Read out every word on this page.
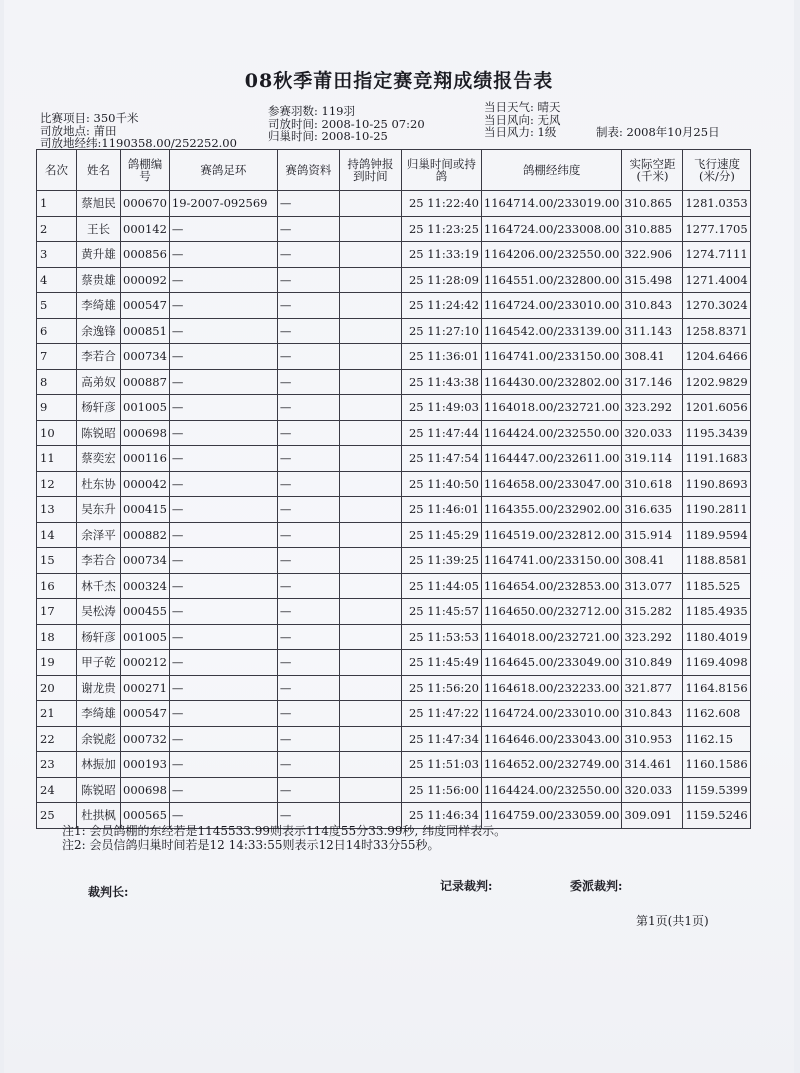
08秋季莆田指定赛竞翔成绩报告表
比赛项目: 350千米
司放地点: 莆田
司放地经纬:1190358.00/252252.00
参赛羽数: 119羽
司放时间: 2008-10-25 07:20
归巢时间: 2008-10-25
当日天气: 晴天
当日风向: 无风
当日风力: 1级	制表: 2008年10月25日
名次	姓名	鸽棚编号	赛鸽足环	赛鸽资料	持鸽钟报到时间	归巢时间或持鸽	鸽棚经纬度	实际空距(千米)	飞行速度(米/分)
1	蔡旭民	000670	19-2007-092569	—		25 11:22:40	1164714.00/233019.00	310.865	1281.0353
2	王长	000142	—	—		25 11:23:25	1164724.00/233008.00	310.885	1277.1705
3	黄升雄	000856	—	—		25 11:33:19	1164206.00/232550.00	322.906	1274.7111
4	蔡贵雄	000092	—	—		25 11:28:09	1164551.00/232800.00	315.498	1271.4004
5	李绮雄	000547	—	—		25 11:24:42	1164724.00/233010.00	310.843	1270.3024
6	余逸锋	000851	—	—		25 11:27:10	1164542.00/233139.00	311.143	1258.8371
7	李若合	000734	—	—		25 11:36:01	1164741.00/233150.00	308.41	1204.6466
8	高弟奴	000887	—	—		25 11:43:38	1164430.00/232802.00	317.146	1202.9829
9	杨轩彦	001005	—	—		25 11:49:03	1164018.00/232721.00	323.292	1201.6056
10	陈锐昭	000698	—	—		25 11:47:44	1164424.00/232550.00	320.033	1195.3439
11	蔡奕宏	000116	—	—		25 11:47:54	1164447.00/232611.00	319.114	1191.1683
12	杜东协	000042	—	—		25 11:40:50	1164658.00/233047.00	310.618	1190.8693
13	吴东升	000415	—	—		25 11:46:01	1164355.00/232902.00	316.635	1190.2811
14	余泽平	000882	—	—		25 11:45:29	1164519.00/232812.00	315.914	1189.9594
15	李若合	000734	—	—		25 11:39:25	1164741.00/233150.00	308.41	1188.8581
16	林千杰	000324	—	—		25 11:44:05	1164654.00/232853.00	313.077	1185.525
17	吴松涛	000455	—	—		25 11:45:57	1164650.00/232712.00	315.282	1185.4935
18	杨轩彦	001005	—	—		25 11:53:53	1164018.00/232721.00	323.292	1180.4019
19	甲子乾	000212	—	—		25 11:45:49	1164645.00/233049.00	310.849	1169.4098
20	谢龙贵	000271	—	—		25 11:56:20	1164618.00/232233.00	321.877	1164.8156
21	李绮雄	000547	—	—		25 11:47:22	1164724.00/233010.00	310.843	1162.608
22	余锐彪	000732	—	—		25 11:47:34	1164646.00/233043.00	310.953	1162.15
23	林振加	000193	—	—		25 11:51:03	1164652.00/232749.00	314.461	1160.1586
24	陈锐昭	000698	—	—		25 11:56:00	1164424.00/232550.00	320.033	1159.5399
25	杜拱枫	000565	—	—		25 11:46:34	1164759.00/233059.00	309.091	1159.5246
注1: 会员鸽棚的东经若是1145533.99则表示114度55分33.99秒, 纬度同样表示。
注2: 会员信鸽归巢时间若是12 14:33:55则表示12日14时33分55秒。
裁判长:	记录裁判:	委派裁判:
第1页(共1页)
